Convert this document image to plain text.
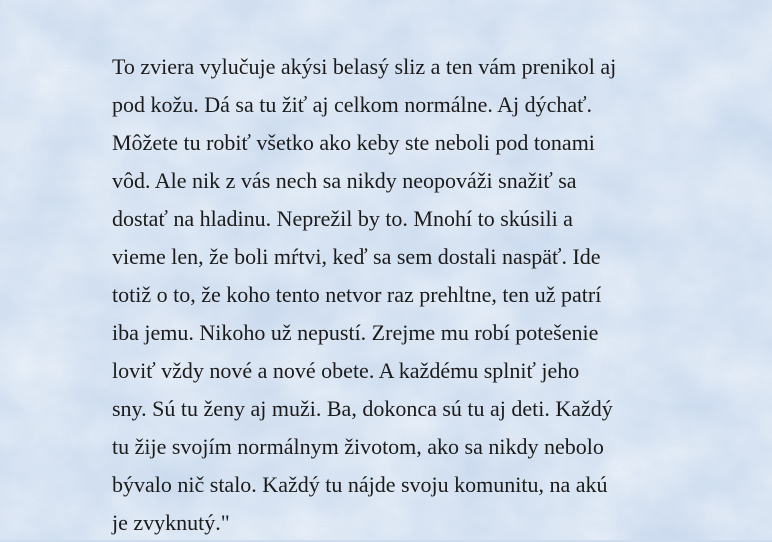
To zviera vylučuje akýsi belasý sliz a ten vám prenikol aj
pod kožu. Dá sa tu žiť aj celkom normálne. Aj dýchať.
Môžete tu robiť všetko ako keby ste neboli pod tonami
vôd. Ale nik z vás nech sa nikdy neopováži snažiť sa
dostať na hladinu. Neprežil by to. Mnohí to skúsili a
vieme len, že boli mŕtvi, keď sa sem dostali naspäť. Ide
totiž o to, že koho tento netvor raz prehltne, ten už patrí
iba jemu. Nikoho už nepustí. Zrejme mu robí potešenie
loviť vždy nové a nové obete. A každému splniť jeho
sny. Sú tu ženy aj muži. Ba, dokonca sú tu aj deti. Každý
tu žije svojím normálnym životom, ako sa nikdy nebolo
bývalo nič stalo. Každý tu nájde svoju komunitu, na akú
je zvyknutý."
